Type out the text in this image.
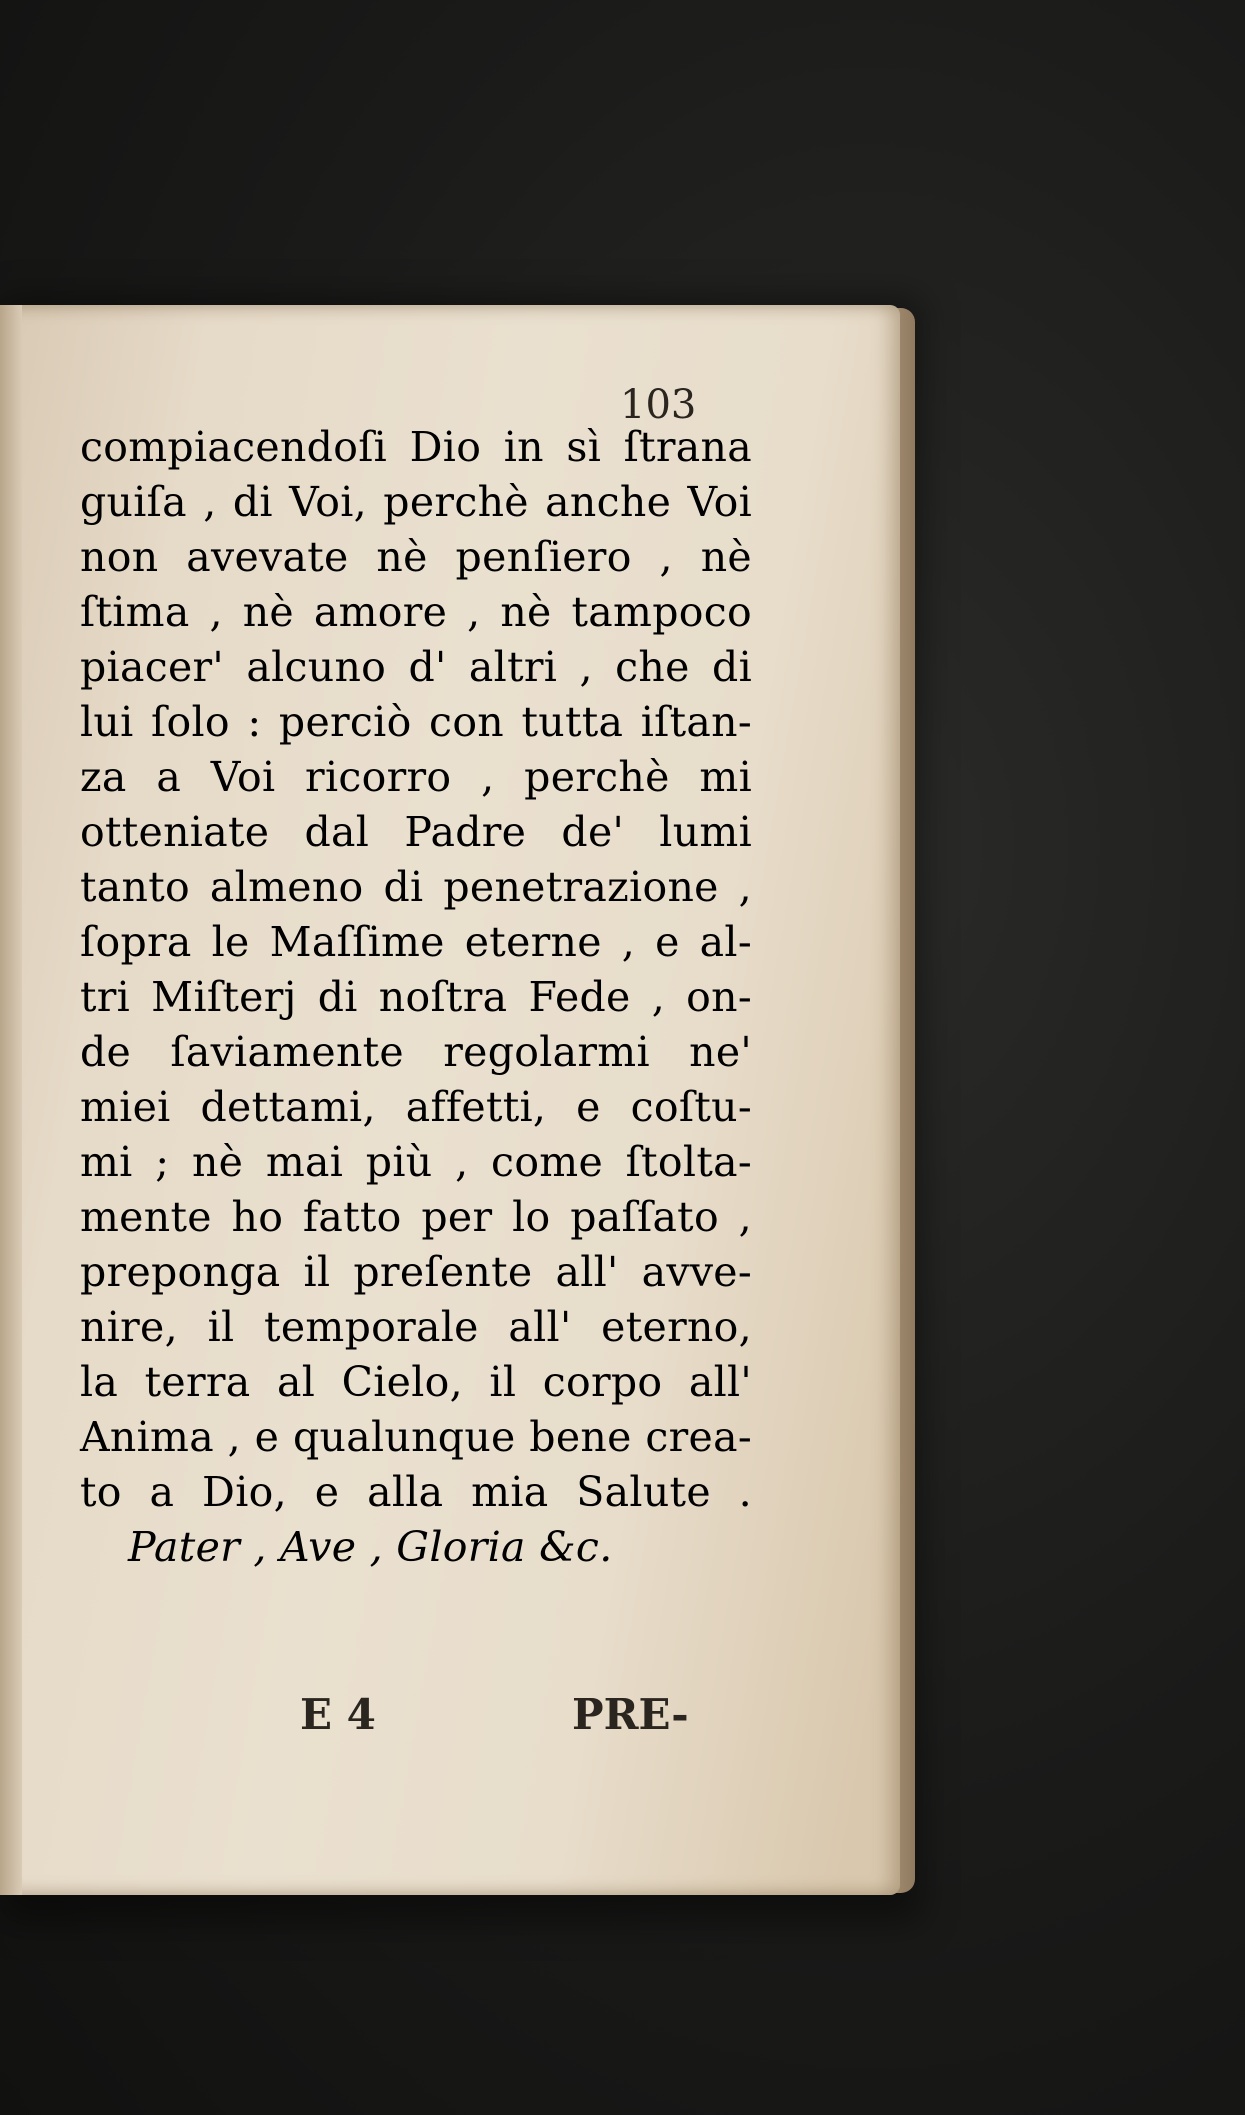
103
compiacendoſi Dio in sì ſtrana
guiſa , di Voi, perchè anche Voi
non avevate nè penſiero , nè
ſtima , nè amore , nè tampoco
piacer' alcuno d' altri , che di
lui ſolo : perciò con tutta iſtan-
za a Voi ricorro , perchè mi
otteniate dal Padre de' lumi
tanto almeno di penetrazione ,
ſopra le Maſſime eterne , e al-
tri Miſterj di noſtra Fede , on-
de ſaviamente regolarmi ne'
miei dettami, affetti, e coſtu-
mi ; nè mai più , come ſtolta-
mente ho fatto per lo paſſato ,
preponga il preſente all' avve-
nire, il temporale all' eterno,
la terra al Cielo, il corpo all'
Anima , e qualunque bene crea-
to a Dio, e alla mia Salute .
Pater , Ave , Gloria &c.
E 4	PRE-
